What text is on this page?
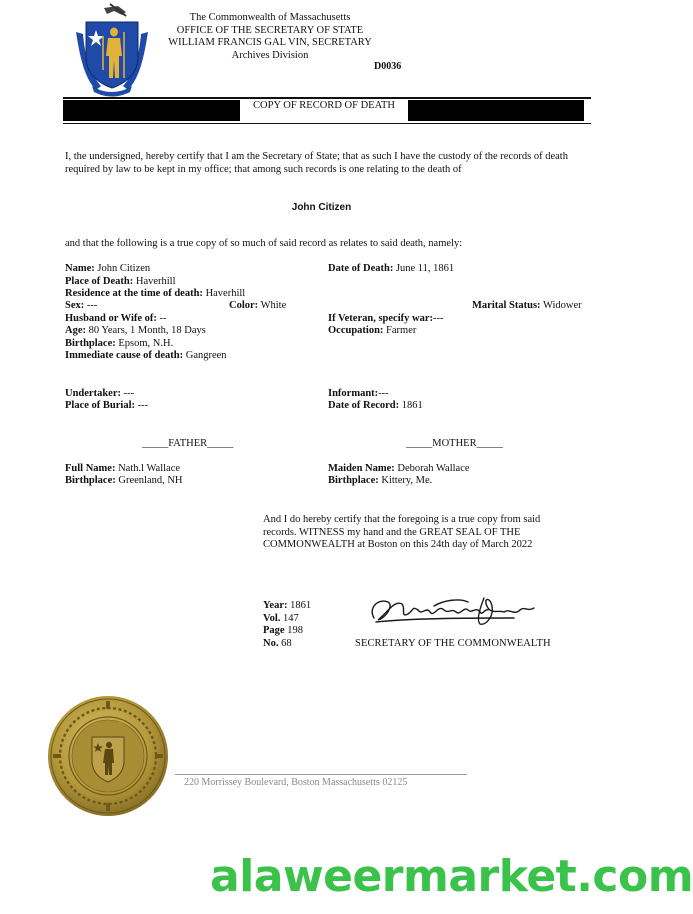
The Commonwealth of Massachusetts
OFFICE OF THE SECRETARY OF STATE
WILLIAM FRANCIS GAL VIN, SECRETARY
Archives Division
D0036
COPY OF RECORD OF DEATH
I, the undersigned, hereby certify that I am the Secretary of State; that as such I have the custody of the records of death required by law to be kept in my office; that among such records is one relating to the death of
John Citizen
and that the following is a true copy of so much of said record as relates to said death, namely:
Name: John Citizen	Date of Death: June 11, 1861
Place of Death: Haverhill
Residence at the time of death: Haverhill
Sex: ---	Color: White	Marital Status: Widower
Husband or Wife of: --	If Veteran, specify war:---
Age: 80 Years, 1 Month, 18 Days	Occupation: Farmer
Birthplace: Epsom, N.H.
Immediate cause of death: Gangreen
Undertaker: ---	Informant:---
Place of Burial: ---	Date of Record: 1861
_____FATHER_____	_____MOTHER_____
Full Name: Nath.l Wallace	Maiden Name: Deborah Wallace
Birthplace: Greenland, NH	Birthplace: Kittery, Me.
And I do hereby certify that the foregoing is a true copy from said records. WITNESS my hand and the GREAT SEAL OF THE COMMONWEALTH at Boston on this 24th day of March 2022
Year: 1861
Vol. 147
Page 198
No. 68	SECRETARY OF THE COMMONWEALTH
220 Morrissey Boulevard, Boston Massachusetts 02125
alaweermarket.com
